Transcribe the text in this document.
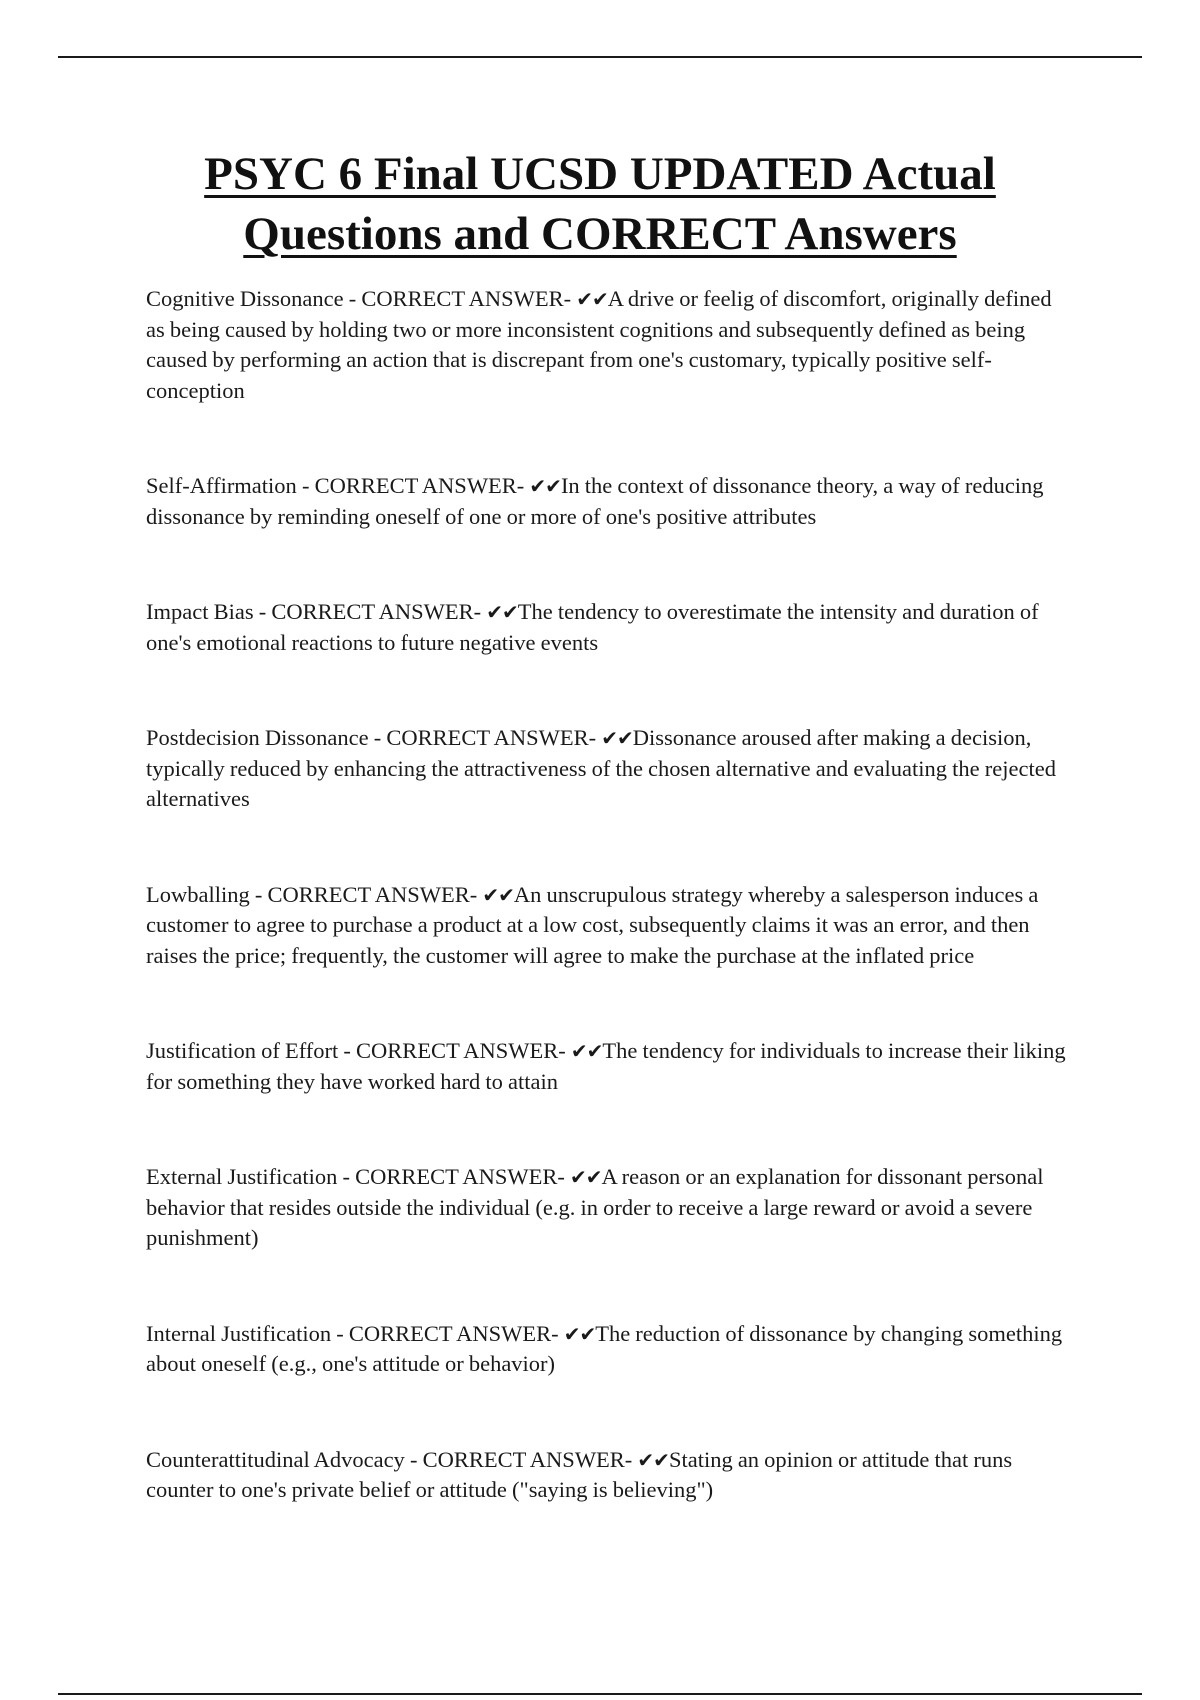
PSYC 6 Final UCSD UPDATED Actual Questions and CORRECT Answers

Cognitive Dissonance - CORRECT ANSWER- ✔✔A drive or feelig of discomfort, originally defined as being caused by holding two or more inconsistent cognitions and subsequently defined as being caused by performing an action that is discrepant from one's customary, typically positive self-conception

Self-Affirmation - CORRECT ANSWER- ✔✔In the context of dissonance theory, a way of reducing dissonance by reminding oneself of one or more of one's positive attributes

Impact Bias - CORRECT ANSWER- ✔✔The tendency to overestimate the intensity and duration of one's emotional reactions to future negative events

Postdecision Dissonance - CORRECT ANSWER- ✔✔Dissonance aroused after making a decision, typically reduced by enhancing the attractiveness of the chosen alternative and evaluating the rejected alternatives

Lowballing - CORRECT ANSWER- ✔✔An unscrupulous strategy whereby a salesperson induces a customer to agree to purchase a product at a low cost, subsequently claims it was an error, and then raises the price; frequently, the customer will agree to make the purchase at the inflated price

Justification of Effort - CORRECT ANSWER- ✔✔The tendency for individuals to increase their liking for something they have worked hard to attain

External Justification - CORRECT ANSWER- ✔✔A reason or an explanation for dissonant personal behavior that resides outside the individual (e.g. in order to receive a large reward or avoid a severe punishment)

Internal Justification - CORRECT ANSWER- ✔✔The reduction of dissonance by changing something about oneself (e.g., one's attitude or behavior)

Counterattitudinal Advocacy - CORRECT ANSWER- ✔✔Stating an opinion or attitude that runs counter to one's private belief or attitude ("saying is believing")
